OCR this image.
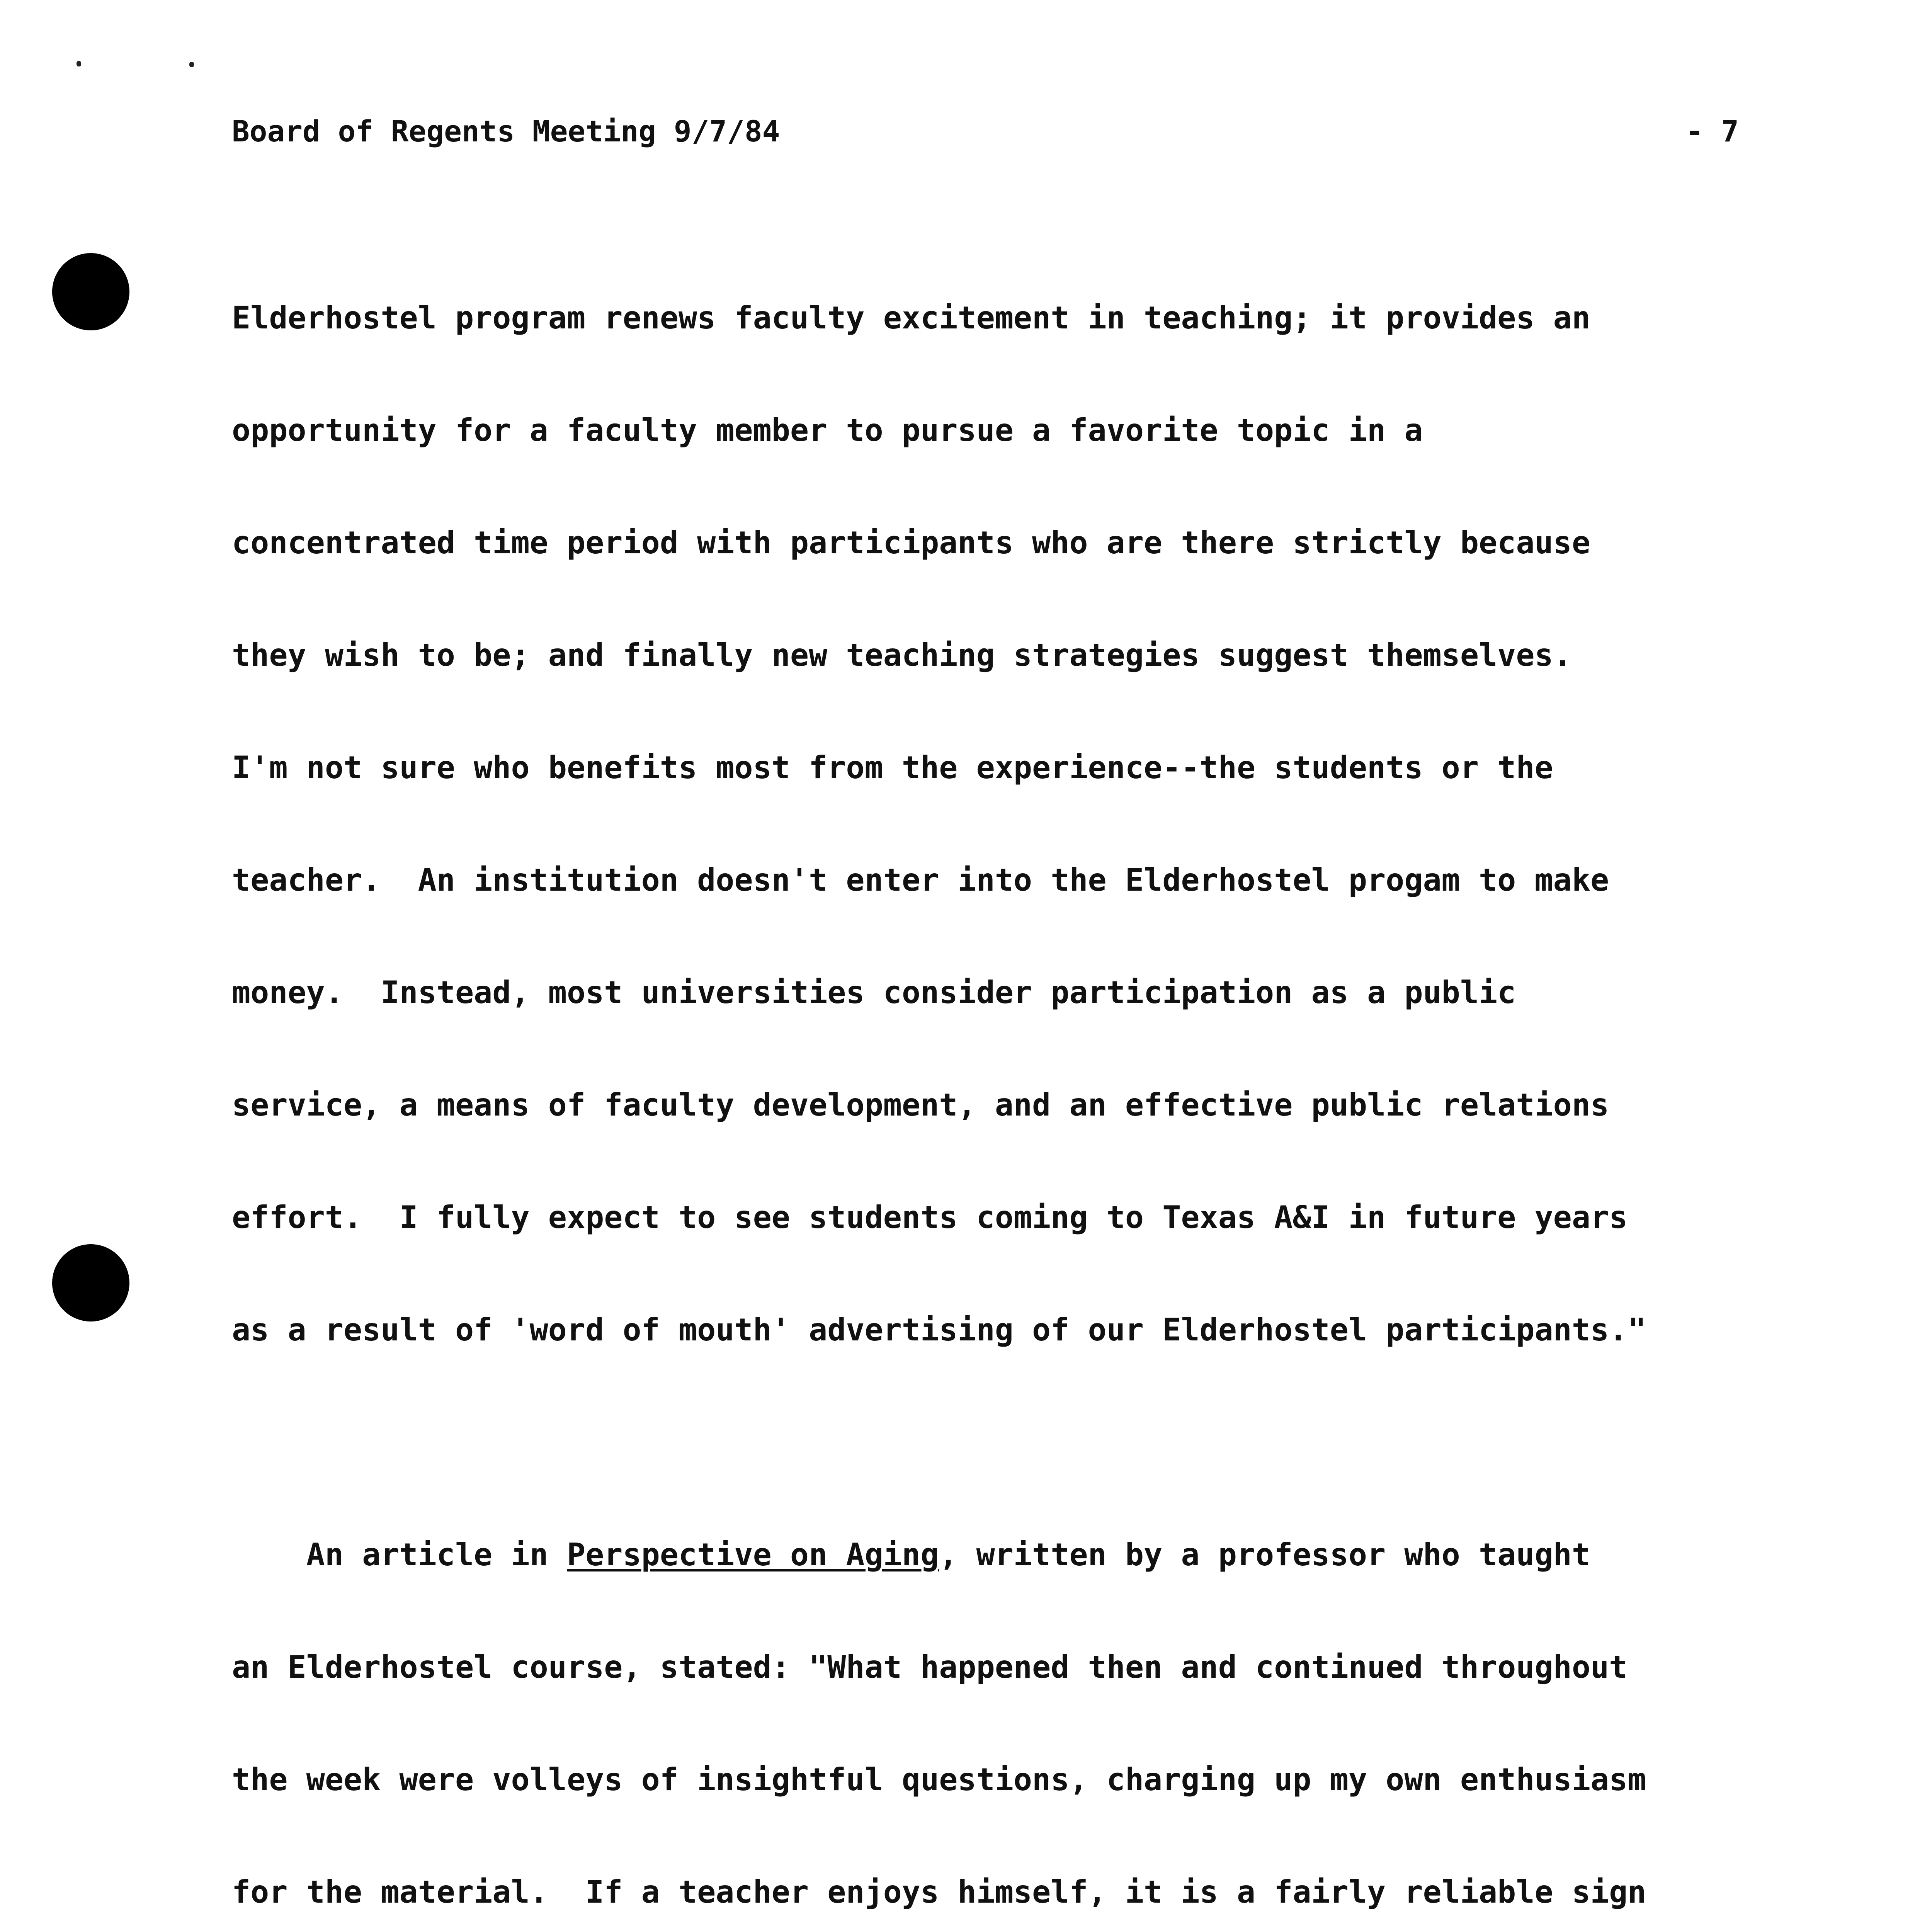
Board of Regents Meeting 9/7/84	- 7

Elderhostel program renews faculty excitement in teaching; it provides an

opportunity for a faculty member to pursue a favorite topic in a

concentrated time period with participants who are there strictly because

they wish to be; and finally new teaching strategies suggest themselves.

I'm not sure who benefits most from the experience--the students or the

teacher.  An institution doesn't enter into the Elderhostel progam to make

money.  Instead, most universities consider participation as a public

service, a means of faculty development, and an effective public relations

effort.  I fully expect to see students coming to Texas A&I in future years

as a result of 'word of mouth' advertising of our Elderhostel participants."

An article in Perspective on Aging, written by a professor who taught

an Elderhostel course, stated: "What happened then and continued throughout

the week were volleys of insightful questions, charging up my own enthusiasm

for the material.  If a teacher enjoys himself, it is a fairly reliable sign
